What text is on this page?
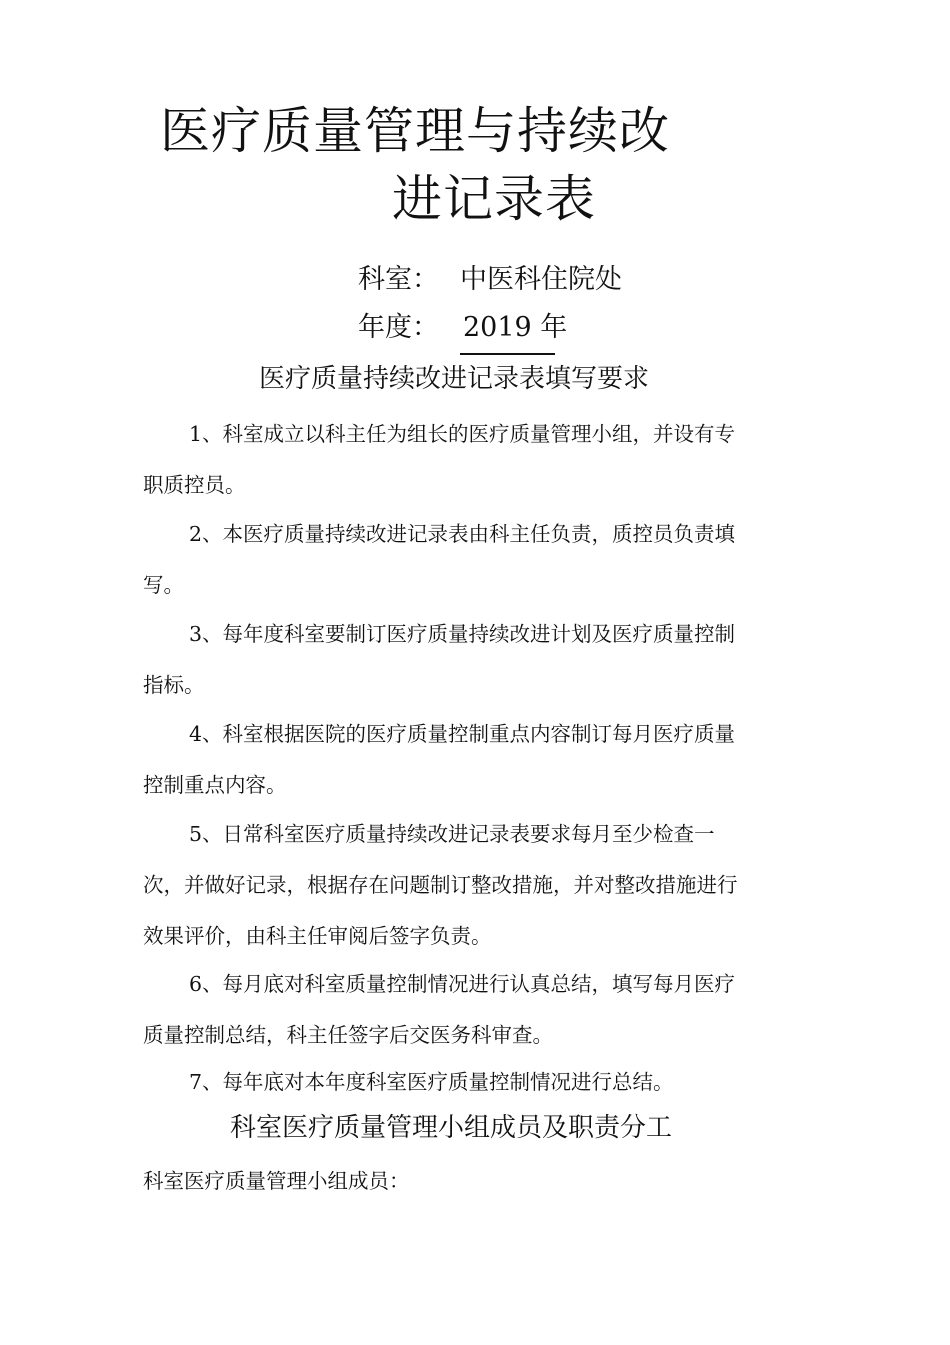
医疗质量管理与持续改
进记录表
科室： 中医科住院处
年度： 2019 年
医疗质量持续改进记录表填写要求

1、科室成立以科主任为组长的医疗质量管理小组，并设有专职质控员。

2、本医疗质量持续改进记录表由科主任负责，质控员负责填写。

3、每年度科室要制订医疗质量持续改进计划及医疗质量控制指标。

4、科室根据医院的医疗质量控制重点内容制订每月医疗质量控制重点内容。

5、日常科室医疗质量持续改进记录表要求每月至少检查一次，并做好记录，根据存在问题制订整改措施，并对整改措施进行效果评价，由科主任审阅后签字负责。

6、每月底对科室质量控制情况进行认真总结，填写每月医疗质量控制总结，科主任签字后交医务科审查。

7、每年底对本年度科室医疗质量控制情况进行总结。

科室医疗质量管理小组成员及职责分工
科室医疗质量管理小组成员：
